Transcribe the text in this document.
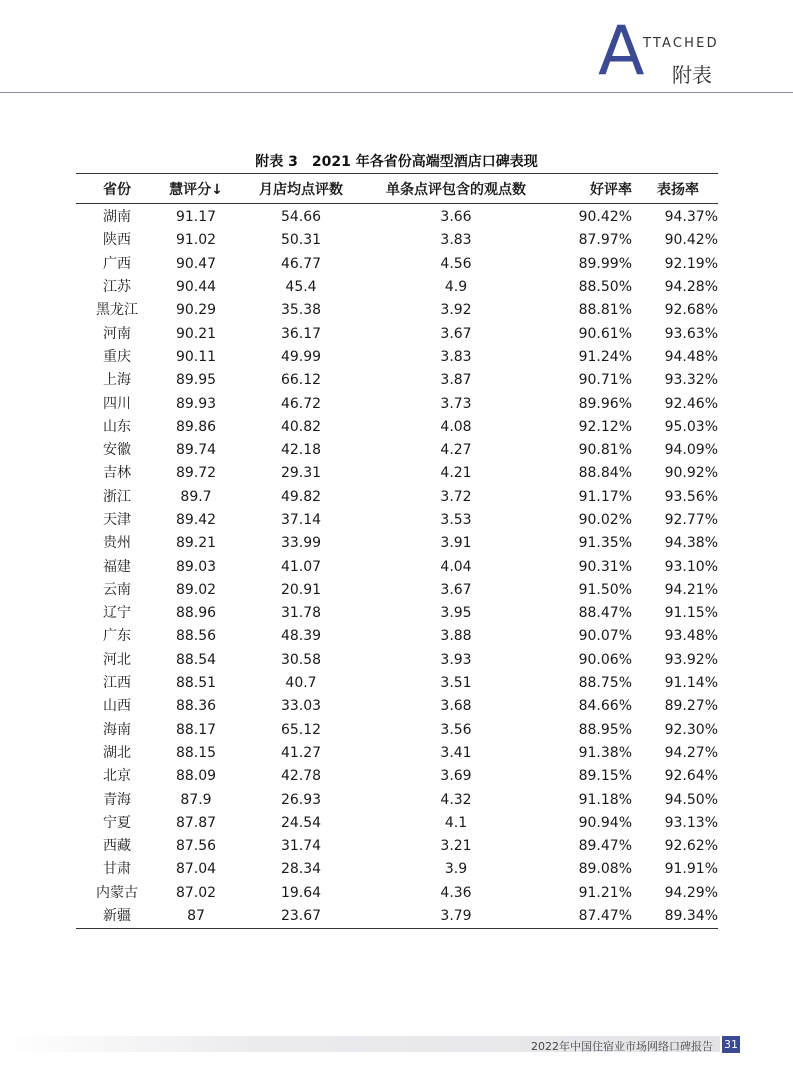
A
TTACHED
附表
附表 3　2021 年各省份高端型酒店口碑表现
省份	慧评分↓	月店均点评数	单条点评包含的观点数	好评率	表扬率
湖南	91.17	54.66	3.66	90.42%	94.37%
陕西	91.02	50.31	3.83	87.97%	90.42%
广西	90.47	46.77	4.56	89.99%	92.19%
江苏	90.44	45.4	4.9	88.50%	94.28%
黑龙江	90.29	35.38	3.92	88.81%	92.68%
河南	90.21	36.17	3.67	90.61%	93.63%
重庆	90.11	49.99	3.83	91.24%	94.48%
上海	89.95	66.12	3.87	90.71%	93.32%
四川	89.93	46.72	3.73	89.96%	92.46%
山东	89.86	40.82	4.08	92.12%	95.03%
安徽	89.74	42.18	4.27	90.81%	94.09%
吉林	89.72	29.31	4.21	88.84%	90.92%
浙江	89.7	49.82	3.72	91.17%	93.56%
天津	89.42	37.14	3.53	90.02%	92.77%
贵州	89.21	33.99	3.91	91.35%	94.38%
福建	89.03	41.07	4.04	90.31%	93.10%
云南	89.02	20.91	3.67	91.50%	94.21%
辽宁	88.96	31.78	3.95	88.47%	91.15%
广东	88.56	48.39	3.88	90.07%	93.48%
河北	88.54	30.58	3.93	90.06%	93.92%
江西	88.51	40.7	3.51	88.75%	91.14%
山西	88.36	33.03	3.68	84.66%	89.27%
海南	88.17	65.12	3.56	88.95%	92.30%
湖北	88.15	41.27	3.41	91.38%	94.27%
北京	88.09	42.78	3.69	89.15%	92.64%
青海	87.9	26.93	4.32	91.18%	94.50%
宁夏	87.87	24.54	4.1	90.94%	93.13%
西藏	87.56	31.74	3.21	89.47%	92.62%
甘肃	87.04	28.34	3.9	89.08%	91.91%
内蒙古	87.02	19.64	4.36	91.21%	94.29%
新疆	87	23.67	3.79	87.47%	89.34%
2022年中国住宿业市场网络口碑报告 31
